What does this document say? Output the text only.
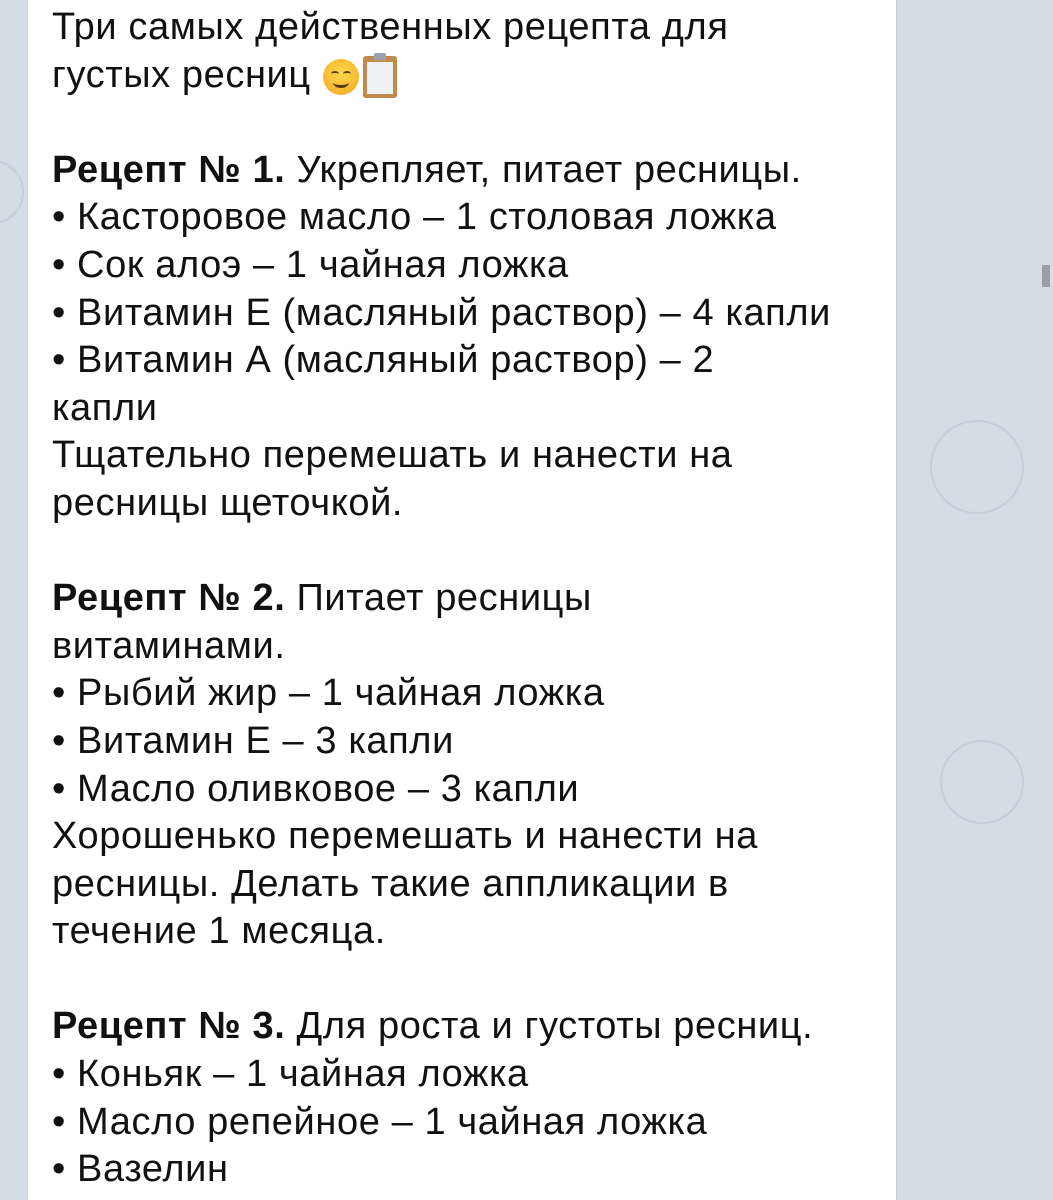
Три самых действенных рецепта для
густых ресниц
Рецепт № 1. Укрепляет, питает ресницы.
• Касторовое масло – 1 столовая ложка
• Сок алоэ – 1 чайная ложка
• Витамин Е (масляный раствор) – 4 капли
• Витамин А (масляный раствор) – 2
капли
Тщательно перемешать и нанести на
ресницы щеточкой.
Рецепт № 2. Питает ресницы
витаминами.
• Рыбий жир – 1 чайная ложка
• Витамин Е – 3 капли
• Масло оливковое – 3 капли
Хорошенько перемешать и нанести на
ресницы. Делать такие аппликации в
течение 1 месяца.
Рецепт № 3. Для роста и густоты ресниц.
• Коньяк – 1 чайная ложка
• Масло репейное – 1 чайная ложка
• Вазелин
